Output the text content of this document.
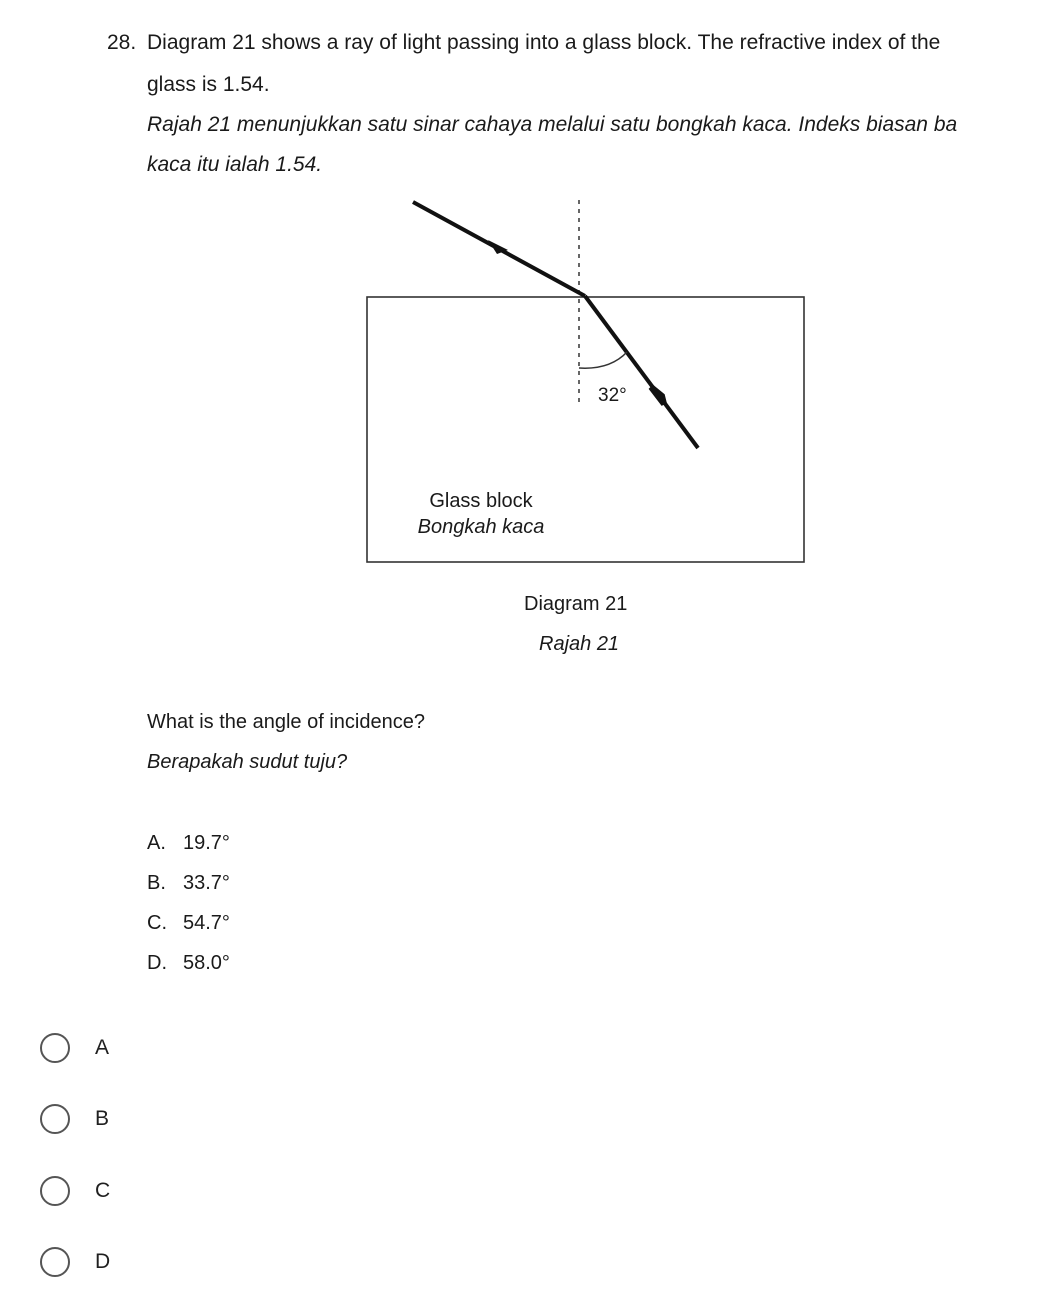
28. Diagram 21 shows a ray of light passing into a glass block. The refractive index of the
glass is 1.54.
Rajah 21 menunjukkan satu sinar cahaya melalui satu bongkah kaca. Indeks biasan ba
kaca itu ialah 1.54.
32°
Glass block
Bongkah kaca
Diagram 21
Rajah 21
What is the angle of incidence?
Berapakah sudut tuju?
A. 19.7°
B. 33.7°
C. 54.7°
D. 58.0°
A
B
C
D
